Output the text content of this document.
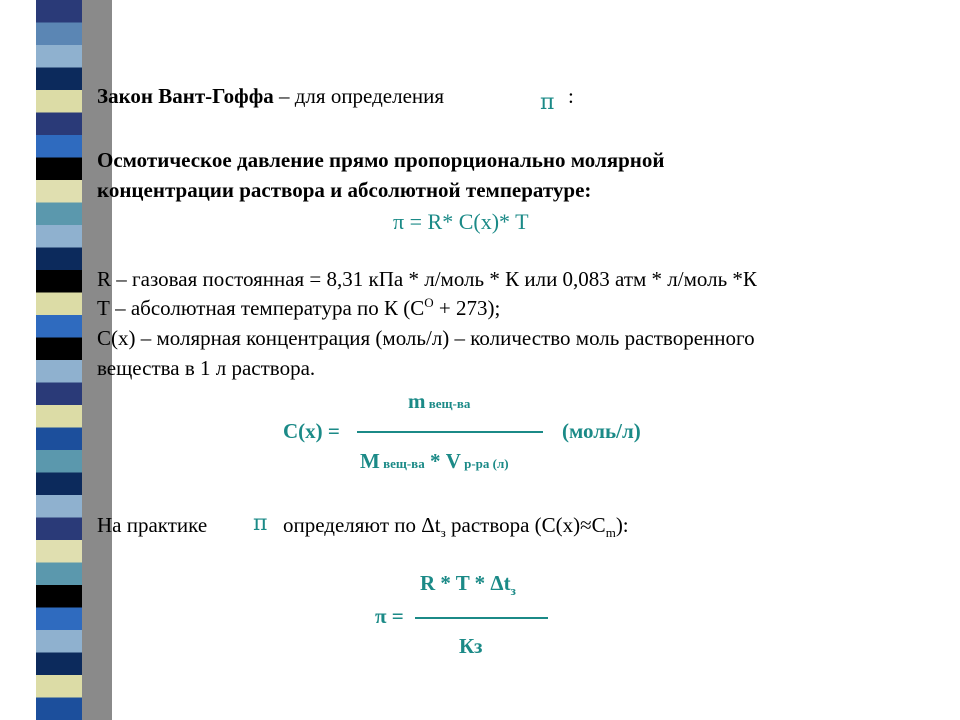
Закон Вант-Гоффа – для определения	π :
Осмотическое давление прямо пропорционально молярной
концентрации раствора и абсолютной температуре:
π = R* C(x)* T
R – газовая постоянная = 8,31 кПа * л/моль * К или 0,083 атм * л/моль *К
Т – абсолютная температура по К $(С^О + 273)$;
С(х) – молярная концентрация (моль/л) – количество моль растворенного
вещества в 1 л раствора.
m вещ-ва
С(х) =	(моль/л)
M вещ-ва * V р-ра (л)
На практике π определяют по $\Delta t_з$ раствора $(С(х)\approx С_m)$:
R * T * $\Delta t_з$
π =
Кз
